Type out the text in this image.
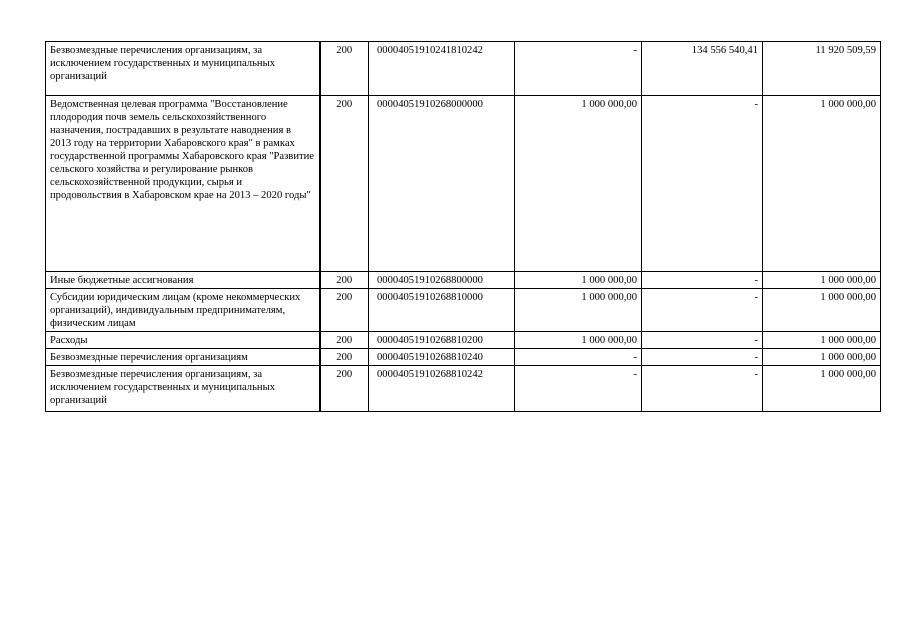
Безвозмездные перечисления организациям, за исключением государственных и муниципальных организаций	200	00004051910241810242	-	134 556 540,41	11 920 509,59
Ведомственная целевая программа "Восстановление плодородия почв земель сельскохозяйственного назначения, пострадавших в результате наводнения в 2013 году на территории Хабаровского края" в рамках государственной программы Хабаровского края "Развитие сельского хозяйства и регулирование рынков сельскохозяйственной продукции, сырья и продовольствия в Хабаровском крае на 2013 – 2020 годы"	200	00004051910268000000	1 000 000,00	-	1 000 000,00
Иные бюджетные ассигнования	200	00004051910268800000	1 000 000,00	-	1 000 000,00
Субсидии юридическим лицам (кроме некоммерческих организаций), индивидуальным предпринимателям, физическим лицам	200	00004051910268810000	1 000 000,00	-	1 000 000,00
Расходы	200	00004051910268810200	1 000 000,00	-	1 000 000,00
Безвозмездные перечисления организациям	200	00004051910268810240	-	-	1 000 000,00
Безвозмездные перечисления организациям, за исключением государственных и муниципальных организаций	200	00004051910268810242	-	-	1 000 000,00
